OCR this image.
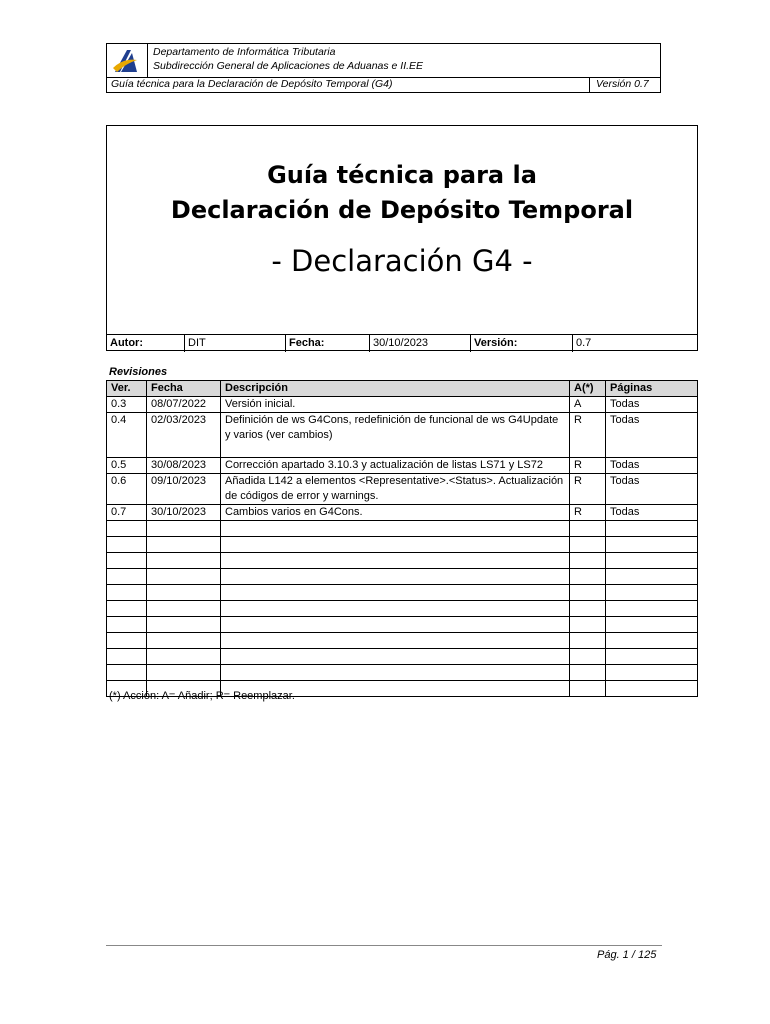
Departamento de Informática Tributaria
Subdirección General de Aplicaciones de Aduanas e II.EE
Guía técnica para la Declaración de Depósito Temporal (G4)	Versión 0.7
Guía técnica para la
Declaración de Depósito Temporal
- Declaración G4 -
Autor:	DIT	Fecha:	30/10/2023	Versión:	0.7
Revisiones
Ver.	Fecha	Descripción	A(*)	Páginas
0.3	08/07/2022	Versión inicial.	A	Todas
0.4	02/03/2023	Definición de ws G4Cons, redefinición de funcional de ws G4Update y varios (ver cambios)	R	Todas
0.5	30/08/2023	Corrección apartado 3.10.3 y actualización de listas LS71 y LS72	R	Todas
0.6	09/10/2023	Añadida L142 a elementos <Representative>.<Status>. Actualización de códigos de error y warnings.	R	Todas
0.7	30/10/2023	Cambios varios en G4Cons.	R	Todas

(*) Acción: A= Añadir; R= Reemplazar.
Pág. 1 / 125
